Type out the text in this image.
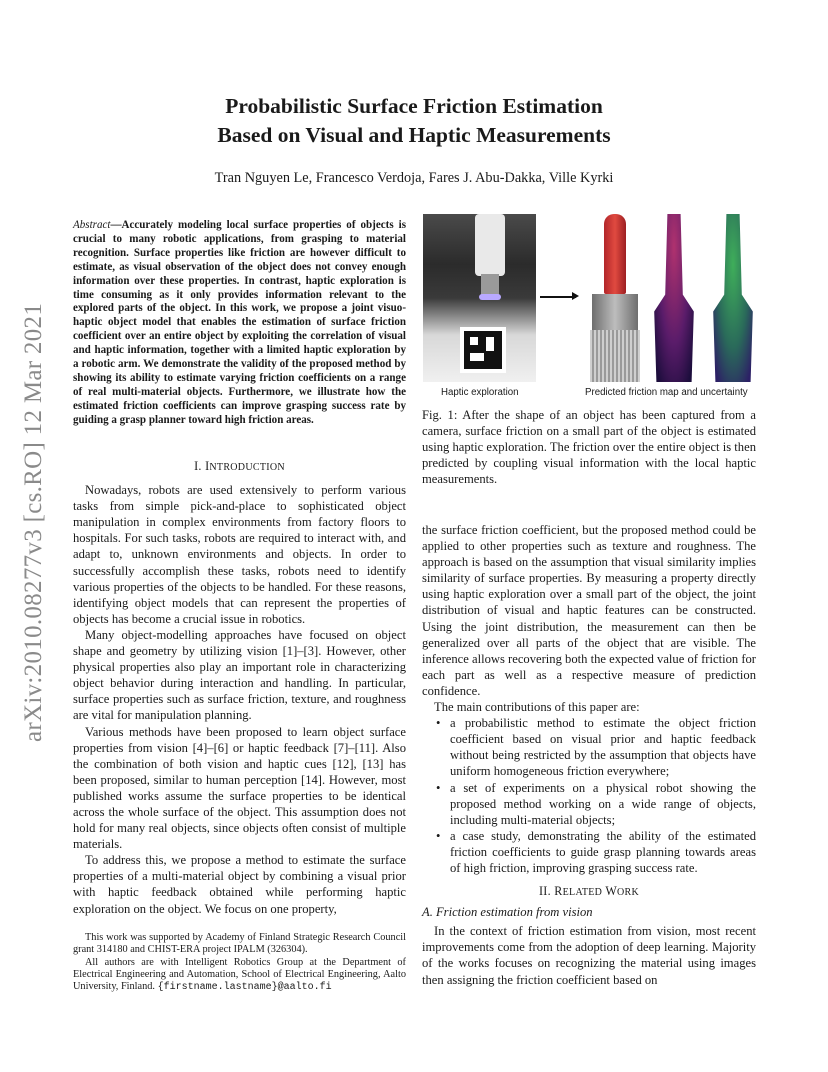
arXiv:2010.08277v3 [cs.RO] 12 Mar 2021
Probabilistic Surface Friction Estimation
Based on Visual and Haptic Measurements
Tran Nguyen Le, Francesco Verdoja, Fares J. Abu-Dakka, Ville Kyrki
Abstract—Accurately modeling local surface properties of objects is crucial to many robotic applications, from grasping to material recognition. Surface properties like friction are however difficult to estimate, as visual observation of the object does not convey enough information over these properties. In contrast, haptic exploration is time consuming as it only provides information relevant to the explored parts of the object. In this work, we propose a joint visuo-haptic object model that enables the estimation of surface friction coefficient over an entire object by exploiting the correlation of visual and haptic information, together with a limited haptic exploration by a robotic arm. We demonstrate the validity of the proposed method by showing its ability to estimate varying friction coefficients on a range of real multi-material objects. Furthermore, we illustrate how the estimated friction coefficients can improve grasping success rate by guiding a grasp planner toward high friction areas.
I. INTRODUCTION

Nowadays, robots are used extensively to perform various tasks from simple pick-and-place to sophisticated object manipulation in complex environments from factory floors to hospitals. For such tasks, robots are required to interact with, and adapt to, unknown environments and objects. In order to successfully accomplish these tasks, robots need to identify various properties of the objects to be handled. For these reasons, identifying object models that can represent the properties of objects has become a crucial issue in robotics.

Many object-modelling approaches have focused on object shape and geometry by utilizing vision [1]–[3]. However, other physical properties also play an important role in characterizing object behavior during interaction and handling. In particular, surface properties such as surface friction, texture, and roughness are vital for manipulation planning.

Various methods have been proposed to learn object surface properties from vision [4]–[6] or haptic feedback [7]–[11]. Also the combination of both vision and haptic cues [12], [13] has been proposed, similar to human perception [14]. However, most published works assume the surface properties to be identical across the whole surface of the object. This assumption does not hold for many real objects, since objects often consist of multiple materials.

To address this, we propose a method to estimate the surface properties of a multi-material object by combining a visual prior with haptic feedback obtained while performing haptic exploration on the object. We focus on one property,

This work was supported by Academy of Finland Strategic Research Council grant 314180 and CHIST-ERA project IPALM (326304).

All authors are with Intelligent Robotics Group at the Department of Electrical Engineering and Automation, School of Electrical Engineering, Aalto University, Finland. {firstname.lastname}@aalto.fi

Haptic exploration	Predicted friction map and uncertainty
Fig. 1: After the shape of an object has been captured from a camera, surface friction on a small part of the object is estimated using haptic exploration. The friction over the entire object is then predicted by coupling visual information with the local haptic measurements.

the surface friction coefficient, but the proposed method could be applied to other properties such as texture and roughness. The approach is based on the assumption that visual similarity implies similarity of surface properties. By measuring a property directly using haptic exploration over a small part of the object, the joint distribution of visual and haptic features can be constructed. Using the joint distribution, the measurement can then be generalized over all parts of the object that are visible. The inference allows recovering both the expected value of friction for each part as well as a respective measure of prediction confidence.

The main contributions of this paper are:

• a probabilistic method to estimate the object friction coefficient based on visual prior and haptic feedback without being restricted by the assumption that objects have uniform homogeneous friction everywhere;
• a set of experiments on a physical robot showing the proposed method working on a wide range of objects, including multi-material objects;
• a case study, demonstrating the ability of the estimated friction coefficients to guide grasp planning towards areas of high friction, improving grasping success rate.
II. RELATED WORK
A. Friction estimation from vision

In the context of friction estimation from vision, most recent improvements come from the adoption of deep learning. Majority of the works focuses on recognizing the material using images then assigning the friction coefficient based on
